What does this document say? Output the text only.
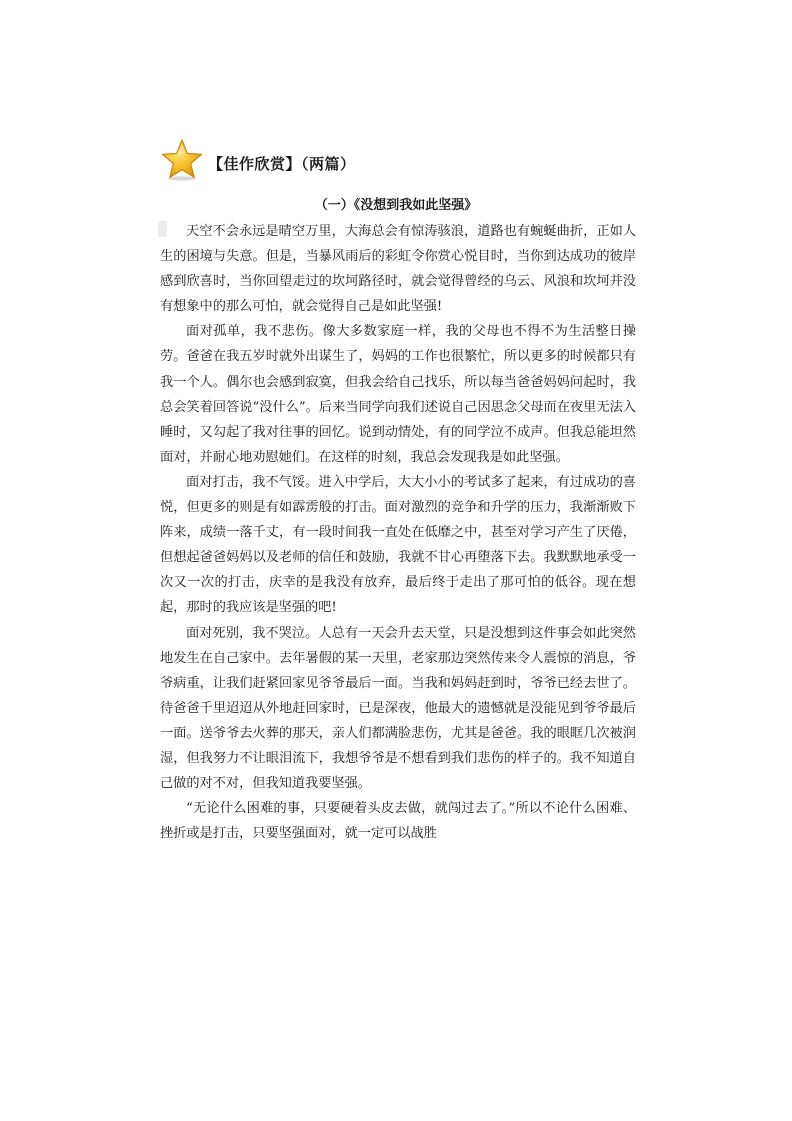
【佳作欣赏】（两篇）
（一）《没想到我如此坚强》

天空不会永远是晴空万里，大海总会有惊涛骇浪，道路也有蜿蜒曲折，正如人生的困境与失意。但是，当暴风雨后的彩虹令你赏心悦目时，当你到达成功的彼岸感到欣喜时，当你回望走过的坎坷路径时，就会觉得曾经的乌云、风浪和坎坷并没有想象中的那么可怕，就会觉得自己是如此坚强!

面对孤单，我不悲伤。像大多数家庭一样，我的父母也不得不为生活整日操劳。爸爸在我五岁时就外出谋生了，妈妈的工作也很繁忙，所以更多的时候都只有我一个人。偶尔也会感到寂寞，但我会给自己找乐，所以每当爸爸妈妈问起时，我总会笑着回答说“没什么”。后来当同学向我们述说自己因思念父母而在夜里无法入睡时，又勾起了我对往事的回忆。说到动情处，有的同学泣不成声。但我总能坦然面对，并耐心地劝慰她们。在这样的时刻，我总会发现我是如此坚强。

面对打击，我不气馁。进入中学后，大大小小的考试多了起来，有过成功的喜悦，但更多的则是有如霹雳般的打击。面对激烈的竞争和升学的压力，我渐渐败下阵来，成绩一落千丈，有一段时间我一直处在低靡之中，甚至对学习产生了厌倦，但想起爸爸妈妈以及老师的信任和鼓励，我就不甘心再堕落下去。我默默地承受一次又一次的打击，庆幸的是我没有放弃，最后终于走出了那可怕的低谷。现在想起，那时的我应该是坚强的吧!

面对死别，我不哭泣。人总有一天会升去天堂，只是没想到这件事会如此突然地发生在自己家中。去年暑假的某一天里，老家那边突然传来令人震惊的消息，爷爷病重，让我们赶紧回家见爷爷最后一面。当我和妈妈赶到时，爷爷已经去世了。待爸爸千里迢迢从外地赶回家时，已是深夜，他最大的遗憾就是没能见到爷爷最后一面。送爷爷去火葬的那天，亲人们都满脸悲伤，尤其是爸爸。我的眼眶几次被润湿，但我努力不让眼泪流下，我想爷爷是不想看到我们悲伤的样子的。我不知道自己做的对不对，但我知道我要坚强。

“无论什么困难的事，只要硬着头皮去做，就闯过去了。”所以不论什么困难、挫折或是打击，只要坚强面对，就一定可以战胜
